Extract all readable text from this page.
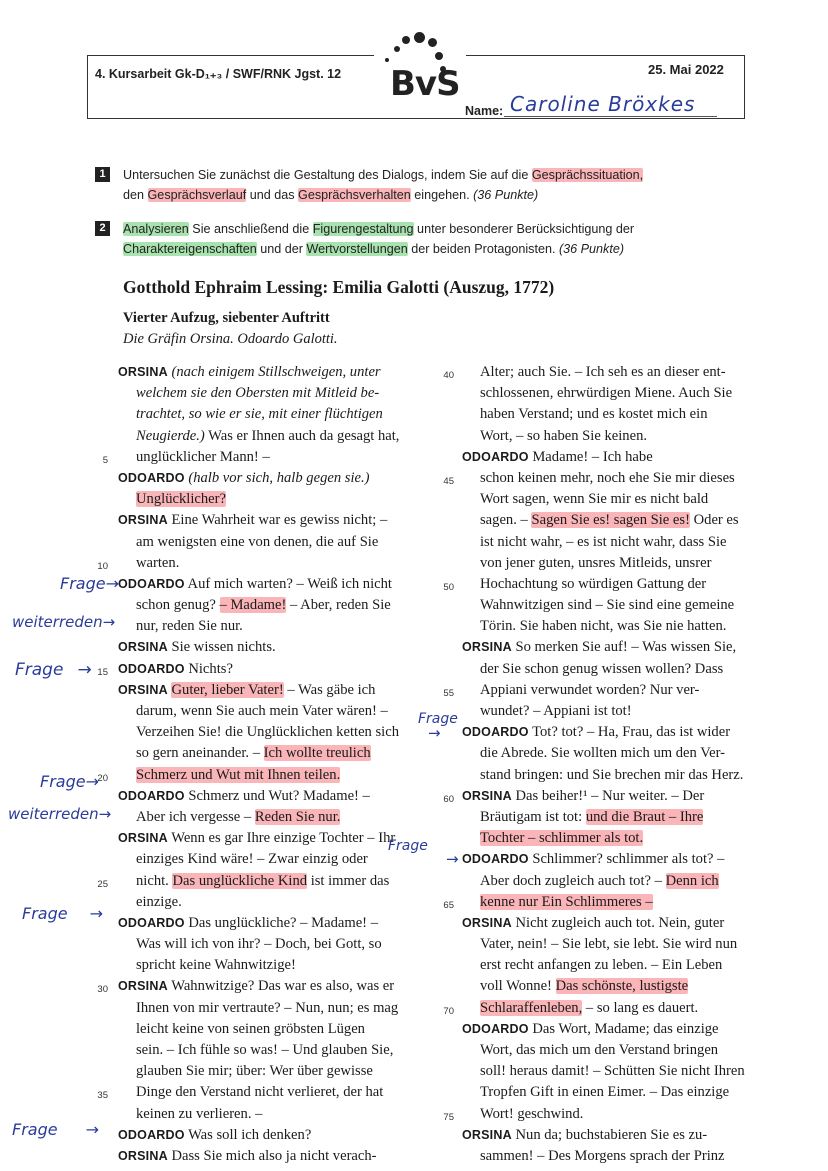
4. Kursarbeit Gk-D₁₊₃ / SWF/RNK Jgst. 12 BvS	25. Mai 2022
Name: Caroline Bröxkes
1	Untersuchen Sie zunächst die Gestaltung des Dialogs, indem Sie auf die Gesprächssituation,
den Gesprächsverlauf und das Gesprächsverhalten eingehen. (36 Punkte)
2	Analysieren Sie anschließend die Figurengestaltung unter besonderer Berücksichtigung der
Charaktereigenschaften und der Wertvorstellungen der beiden Protagonisten. (36 Punkte)
Gotthold Ephraim Lessing: Emilia Galotti (Auszug, 1772)
Vierter Aufzug, siebenter Auftritt
Die Gräfin Orsina. Odoardo Galotti.
ORSINA (nach einigem Stillschweigen, unter
welchem sie den Obersten mit Mitleid be-
trachtet, so wie er sie, mit einer flüchtigen
Neugierde.) Was er Ihnen auch da gesagt hat,
5 unglücklicher Mann! –
ODOARDO (halb vor sich, halb gegen sie.)
Unglücklicher?
ORSINA Eine Wahrheit war es gewiss nicht; –
am wenigsten eine von denen, die auf Sie
10 warten.
ODOARDO Auf mich warten? – Weiß ich nicht
schon genug? – Madame! – Aber, reden Sie
nur, reden Sie nur.
ORSINA Sie wissen nichts.
15 ODOARDO Nichts?
ORSINA Guter, lieber Vater! – Was gäbe ich
darum, wenn Sie auch mein Vater wären! –
Verzeihen Sie! die Unglücklichen ketten sich
so gern aneinander. – Ich wollte treulich
20 Schmerz und Wut mit Ihnen teilen.
ODOARDO Schmerz und Wut? Madame! –
Aber ich vergesse – Reden Sie nur.
ORSINA Wenn es gar Ihre einzige Tochter – Ihr
einziges Kind wäre! – Zwar einzig oder
25 nicht. Das unglückliche Kind ist immer das
einzige.
ODOARDO Das unglückliche? – Madame! –
Was will ich von ihr? – Doch, bei Gott, so
spricht keine Wahnwitzige!
30 ORSINA Wahnwitzige? Das war es also, was er
Ihnen von mir vertraute? – Nun, nun; es mag
leicht keine von seinen gröbsten Lügen
sein. – Ich fühle so was! – Und glauben Sie,
glauben Sie mir; über: Wer über gewisse
35 Dinge den Verstand nicht verlieret, der hat
keinen zu verlieren. –
ODOARDO Was soll ich denken?
ORSINA Dass Sie mich also ja nicht verach-
40 Alter; auch Sie. – Ich seh es an dieser ent-
schlossenen, ehrwürdigen Miene. Auch Sie
haben Verstand; und es kostet mich ein
Wort, – so haben Sie keinen.
ODOARDO Madame! – Ich habe
45 schon keinen mehr, noch ehe Sie mir dieses
Wort sagen, wenn Sie mir es nicht bald
sagen. – Sagen Sie es! sagen Sie es! Oder es
ist nicht wahr, – es ist nicht wahr, dass Sie
von jener guten, unsres Mitleids, unsrer
50 Hochachtung so würdigen Gattung der
Wahnwitzigen sind – Sie sind eine gemeine
Törin. Sie haben nicht, was Sie nie hatten.
ORSINA So merken Sie auf! – Was wissen Sie,
der Sie schon genug wissen wollen? Dass
55 Appiani verwundet worden? Nur ver-
wundet? – Appiani ist tot!
ODOARDO Tot? tot? – Ha, Frau, das ist wider
die Abrede. Sie wollten mich um den Ver-
stand bringen: und Sie brechen mir das Herz.
60 ORSINA Das beiher!¹ – Nur weiter. – Der
Bräutigam ist tot: und die Braut – Ihre
Tochter – schlimmer als tot.
ODOARDO Schlimmer? schlimmer als tot? –
Aber doch zugleich auch tot? – Denn ich
65 kenne nur Ein Schlimmeres –
ORSINA Nicht zugleich auch tot. Nein, guter
Vater, nein! – Sie lebt, sie lebt. Sie wird nun
erst recht anfangen zu leben. – Ein Leben
voll Wonne! Das schönste, lustigste
70 Schlaraffenleben, – so lang es dauert.
ODOARDO Das Wort, Madame; das einzige
Wort, das mich um den Verstand bringen
soll! heraus damit! – Schütten Sie nicht Ihren
Tropfen Gift in einen Eimer. – Das einzige
75 Wort! geschwind.
ORSINA Nun da; buchstabieren Sie es zu-
sammen! – Des Morgens sprach der Prinz
Frage→
weiterreden→
Frage →
Frage
→
Frage→
weiterreden→
Frage
→
Frage →
Frage →
